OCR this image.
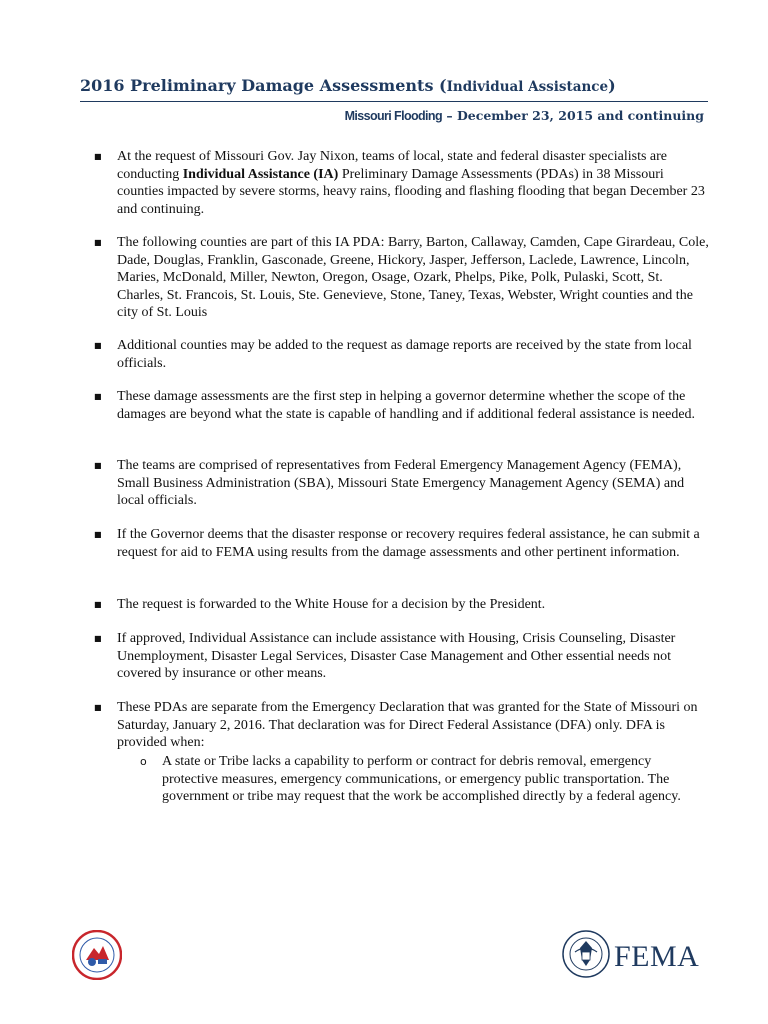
2016 Preliminary Damage Assessments (Individual Assistance)
Missouri Flooding – December 23, 2015 and continuing
■ At the request of Missouri Gov. Jay Nixon, teams of local, state and federal disaster specialists are conducting Individual Assistance (IA) Preliminary Damage Assessments (PDAs) in 38 Missouri counties impacted by severe storms, heavy rains, flooding and flashing flooding that began December 23 and continuing.
■ The following counties are part of this IA PDA: Barry, Barton, Callaway, Camden, Cape Girardeau, Cole, Dade, Douglas, Franklin, Gasconade, Greene, Hickory, Jasper, Jefferson, Laclede, Lawrence, Lincoln, Maries, McDonald, Miller, Newton, Oregon, Osage, Ozark, Phelps, Pike, Polk, Pulaski, Scott, St. Charles, St. Francois, St. Louis, Ste. Genevieve, Stone, Taney, Texas, Webster, Wright counties and the city of St. Louis
■ Additional counties may be added to the request as damage reports are received by the state from local officials.
■ These damage assessments are the first step in helping a governor determine whether the scope of the damages are beyond what the state is capable of handling and if additional federal assistance is needed.
■ The teams are comprised of representatives from Federal Emergency Management Agency (FEMA), Small Business Administration (SBA), Missouri State Emergency Management Agency (SEMA) and local officials.
■ If the Governor deems that the disaster response or recovery requires federal assistance, he can submit a request for aid to FEMA using results from the damage assessments and other pertinent information.
■ The request is forwarded to the White House for a decision by the President.
■ If approved, Individual Assistance can include assistance with Housing, Crisis Counseling, Disaster Unemployment, Disaster Legal Services, Disaster Case Management and Other essential needs not covered by insurance or other means.
■ These PDAs are separate from the Emergency Declaration that was granted for the State of Missouri on Saturday, January 2, 2016. That declaration was for Direct Federal Assistance (DFA) only. DFA is provided when:
o A state or Tribe lacks a capability to perform or contract for debris removal, emergency protective measures, emergency communications, or emergency public transportation. The government or tribe may request that the work be accomplished directly by a federal agency.
FEMA
